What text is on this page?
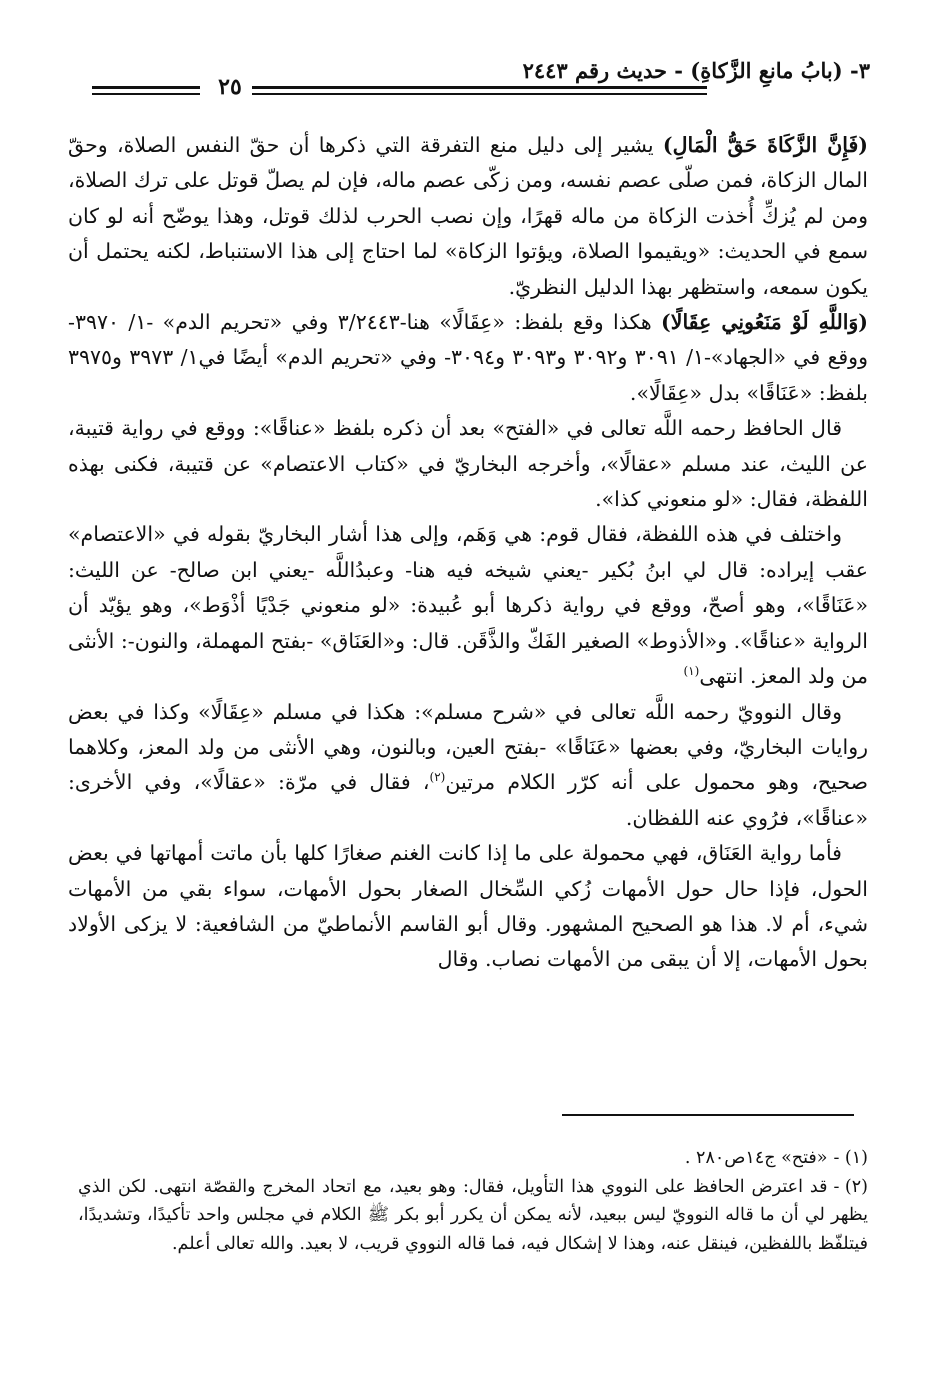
٣- (بابُ مانعِ الزَّكاةِ) - حديث رقم ٢٤٤٣
٢٥

(فَإِنَّ الزَّكَاةَ حَقُّ الْمَالِ) يشير إلى دليل منع التفرقة التي ذكرها أن حقّ النفس الصلاة، وحقّ المال الزكاة، فمن صلّى عصم نفسه، ومن زكّى عصم ماله، فإن لم يصلّ قوتل على ترك الصلاة، ومن لم يُزكِّ أُخذت الزكاة من ماله قهرًا، وإن نصب الحرب لذلك قوتل، وهذا يوضّح أنه لو كان سمع في الحديث: «ويقيموا الصلاة، ويؤتوا الزكاة» لما احتاج إلى هذا الاستنباط، لكنه يحتمل أن يكون سمعه، واستظهر بهذا الدليل النظريّ.

(وَاللَّهِ لَوْ مَنَعُونِي عِقَالًا) هكذا وقع بلفظ: «عِقَالًا» هنا-٣/٢٤٤٣ وفي «تحريم الدم» -١/ ٣٩٧٠- ووقع في «الجهاد»-١/ ٣٠٩١ و٣٠٩٢ و٣٠٩٣ و٣٠٩٤- وفي «تحريم الدم» أيضًا في١/ ٣٩٧٣ و٣٩٧٥ بلفظ: «عَنَاقًا» بدل «عِقَالًا».

قال الحافظ رحمه اللَّه تعالى في «الفتح» بعد أن ذكره بلفظ «عناقًا»: ووقع في رواية قتيبة، عن الليث، عند مسلم «عقالًا»، وأخرجه البخاريّ في «كتاب الاعتصام» عن قتيبة، فكنى بهذه اللفظة، فقال: «لو منعوني كذا».

واختلف في هذه اللفظة، فقال قوم: هي وَهَم، وإلى هذا أشار البخاريّ بقوله في «الاعتصام» عقب إيراده: قال لي ابنُ بُكير -يعني شيخه فيه هنا- وعبدُاللَّه -يعني ابن صالح- عن الليث: «عَنَاقًا»، وهو أصحّ، ووقع في رواية ذكرها أبو عُبيدة: «لو منعوني جَدْيًا أذْوَط»، وهو يؤيّد أن الرواية «عناقًا». و«الأذوط» الصغير الفَكّ والذَّقَن. قال: و«العَنَاق» -بفتح المهملة، والنون-: الأنثى من ولد المعز. انتهى$^{(١)}$

وقال النوويّ رحمه اللَّه تعالى في «شرح مسلم»: هكذا في مسلم «عِقَالًا» وكذا في بعض روايات البخاريّ، وفي بعضها «عَنَاقًا» -بفتح العين، وبالنون، وهي الأنثى من ولد المعز، وكلاهما صحيح، وهو محمول على أنه كرّر الكلام مرتين$^{(٢)}$، فقال في مرّة: «عقالًا»، وفي الأخرى: «عناقًا»، فرُوي عنه اللفظان.

فأما رواية العَنَاق، فهي محمولة على ما إذا كانت الغنم صغارًا كلها بأن ماتت أمهاتها في بعض الحول، فإذا حال حول الأمهات زُكي السِّخال الصغار بحول الأمهات، سواء بقي من الأمهات شيء، أم لا. هذا هو الصحيح المشهور. وقال أبو القاسم الأنماطيّ من الشافعية: لا يزكى الأولاد بحول الأمهات، إلا أن يبقى من الأمهات نصاب. وقال

(١) -«فتح» ج١٤ص٢٨٠ .

(٢) -قد اعترض الحافظ على النووي هذا التأويل، فقال: وهو بعيد، مع اتحاد المخرج والقصّة انتهى. لكن الذي يظهر لي أن ما قاله النوويّ ليس ببعيد، لأنه يمكن أن يكرر أبو بكر ﷺ الكلام في مجلس واحد تأكيدًا، وتشديدًا، فيتلفّظ باللفظين، فينقل عنه، وهذا لا إشكال فيه، فما قاله النووي قريب، لا بعيد. والله تعالى أعلم.
